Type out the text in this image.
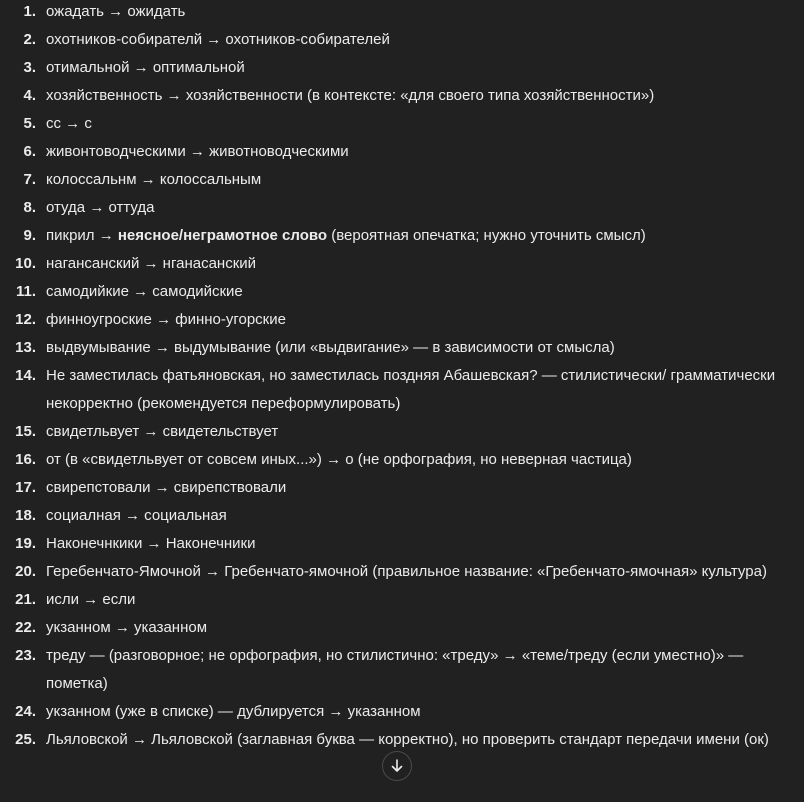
1. ожадать → ожидать
2. охотников-собирателй → охотников-собирателей
3. отимальной → оптимальной
4. хозяйственность → хозяйственности (в контексте: «для своего типа хозяйственности»)
5. сс → с
6. живонтоводческими → животноводческими
7. колоссальнм → колоссальным
8. отуда → оттуда
9. пикрил → неясное/неграмотное слово (вероятная опечатка; нужно уточнить смысл)
10. нагансанский → нганасанский
11. самодийкие → самодийские
12. финноугроские → финно-угорские
13. выдвумывание → выдумывание (или «выдвигание» — в зависимости от смысла)
14. Не заместилась фатьяновская, но заместилась поздняя Абашевская? — стилистически/ грамматически некорректно (рекомендуется переформулировать)
15. свидетльвует → свидетельствует
16. от (в «свидетльвует от совсем иных...») → о (не орфография, но неверная частица)
17. свирепстовали → свирепствовали
18. социалная → социальная
19. Наконечнкики → Наконечники
20. Геребенчато-Ямочной → Гребенчато-ямочной (правильное название: «Гребенчато-ямочная» культура)
21. исли → если
22. укзанном → указанном
23. треду — (разговорное; не орфография, но стилистично: «треду» → «теме/треду (если уместно)» — пометка)
24. укзанном (уже в списке) — дублируется → указанном
25. Льяловской → Льяловской (заглавная буква — корректно), но проверить стандарт передачи имени (ок)
